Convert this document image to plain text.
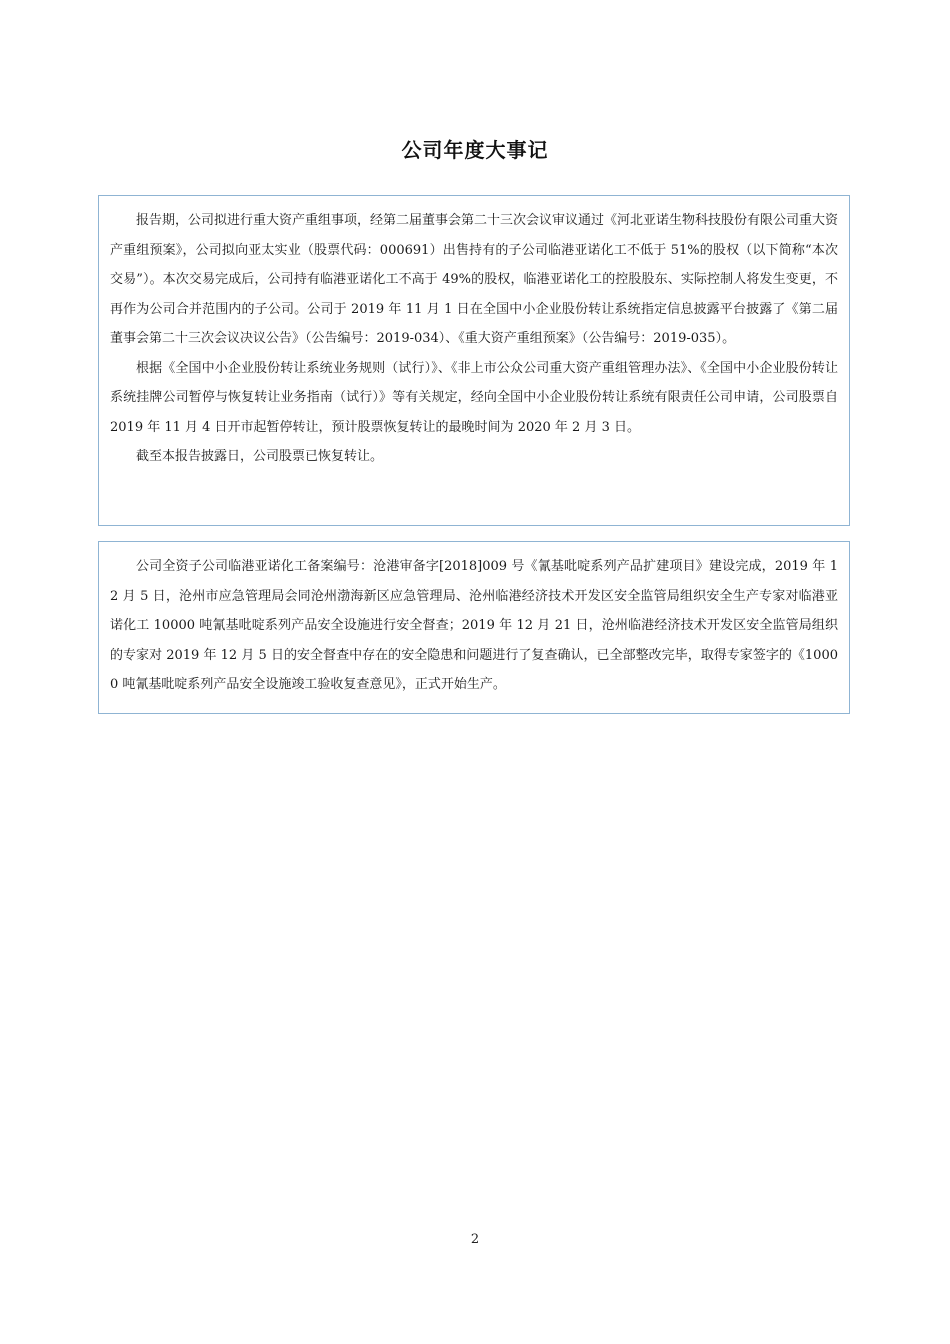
公司年度大事记

报告期，公司拟进行重大资产重组事项，经第二届董事会第二十三次会议审议通过《河北亚诺生物科技股份有限公司重大资产重组预案》，公司拟向亚太实业（股票代码：000691）出售持有的子公司临港亚诺化工不低于 51%的股权（以下简称“本次交易”）。本次交易完成后，公司持有临港亚诺化工不高于 49%的股权，临港亚诺化工的控股股东、实际控制人将发生变更，不再作为公司合并范围内的子公司。公司于 2019 年 11 月 1 日在全国中小企业股份转让系统指定信息披露平台披露了《第二届董事会第二十三次会议决议公告》（公告编号：2019-034）、《重大资产重组预案》（公告编号：2019-035）。

根据《全国中小企业股份转让系统业务规则（试行）》、《非上市公众公司重大资产重组管理办法》、《全国中小企业股份转让系统挂牌公司暂停与恢复转让业务指南（试行）》等有关规定，经向全国中小企业股份转让系统有限责任公司申请，公司股票自 2019 年 11 月 4 日开市起暂停转让，预计股票恢复转让的最晚时间为 2020 年 2 月 3 日。

截至本报告披露日，公司股票已恢复转让。

公司全资子公司临港亚诺化工备案编号：沧港审备字[2018]009 号《氰基吡啶系列产品扩建项目》建设完成，2019 年 12 月 5 日，沧州市应急管理局会同沧州渤海新区应急管理局、沧州临港经济技术开发区安全监管局组织安全生产专家对临港亚诺化工 10000 吨氰基吡啶系列产品安全设施进行安全督查；2019 年 12 月 21 日，沧州临港经济技术开发区安全监管局组织的专家对 2019 年 12 月 5 日的安全督查中存在的安全隐患和问题进行了复查确认，已全部整改完毕，取得专家签字的《10000 吨氰基吡啶系列产品安全设施竣工验收复查意见》，正式开始生产。

2
